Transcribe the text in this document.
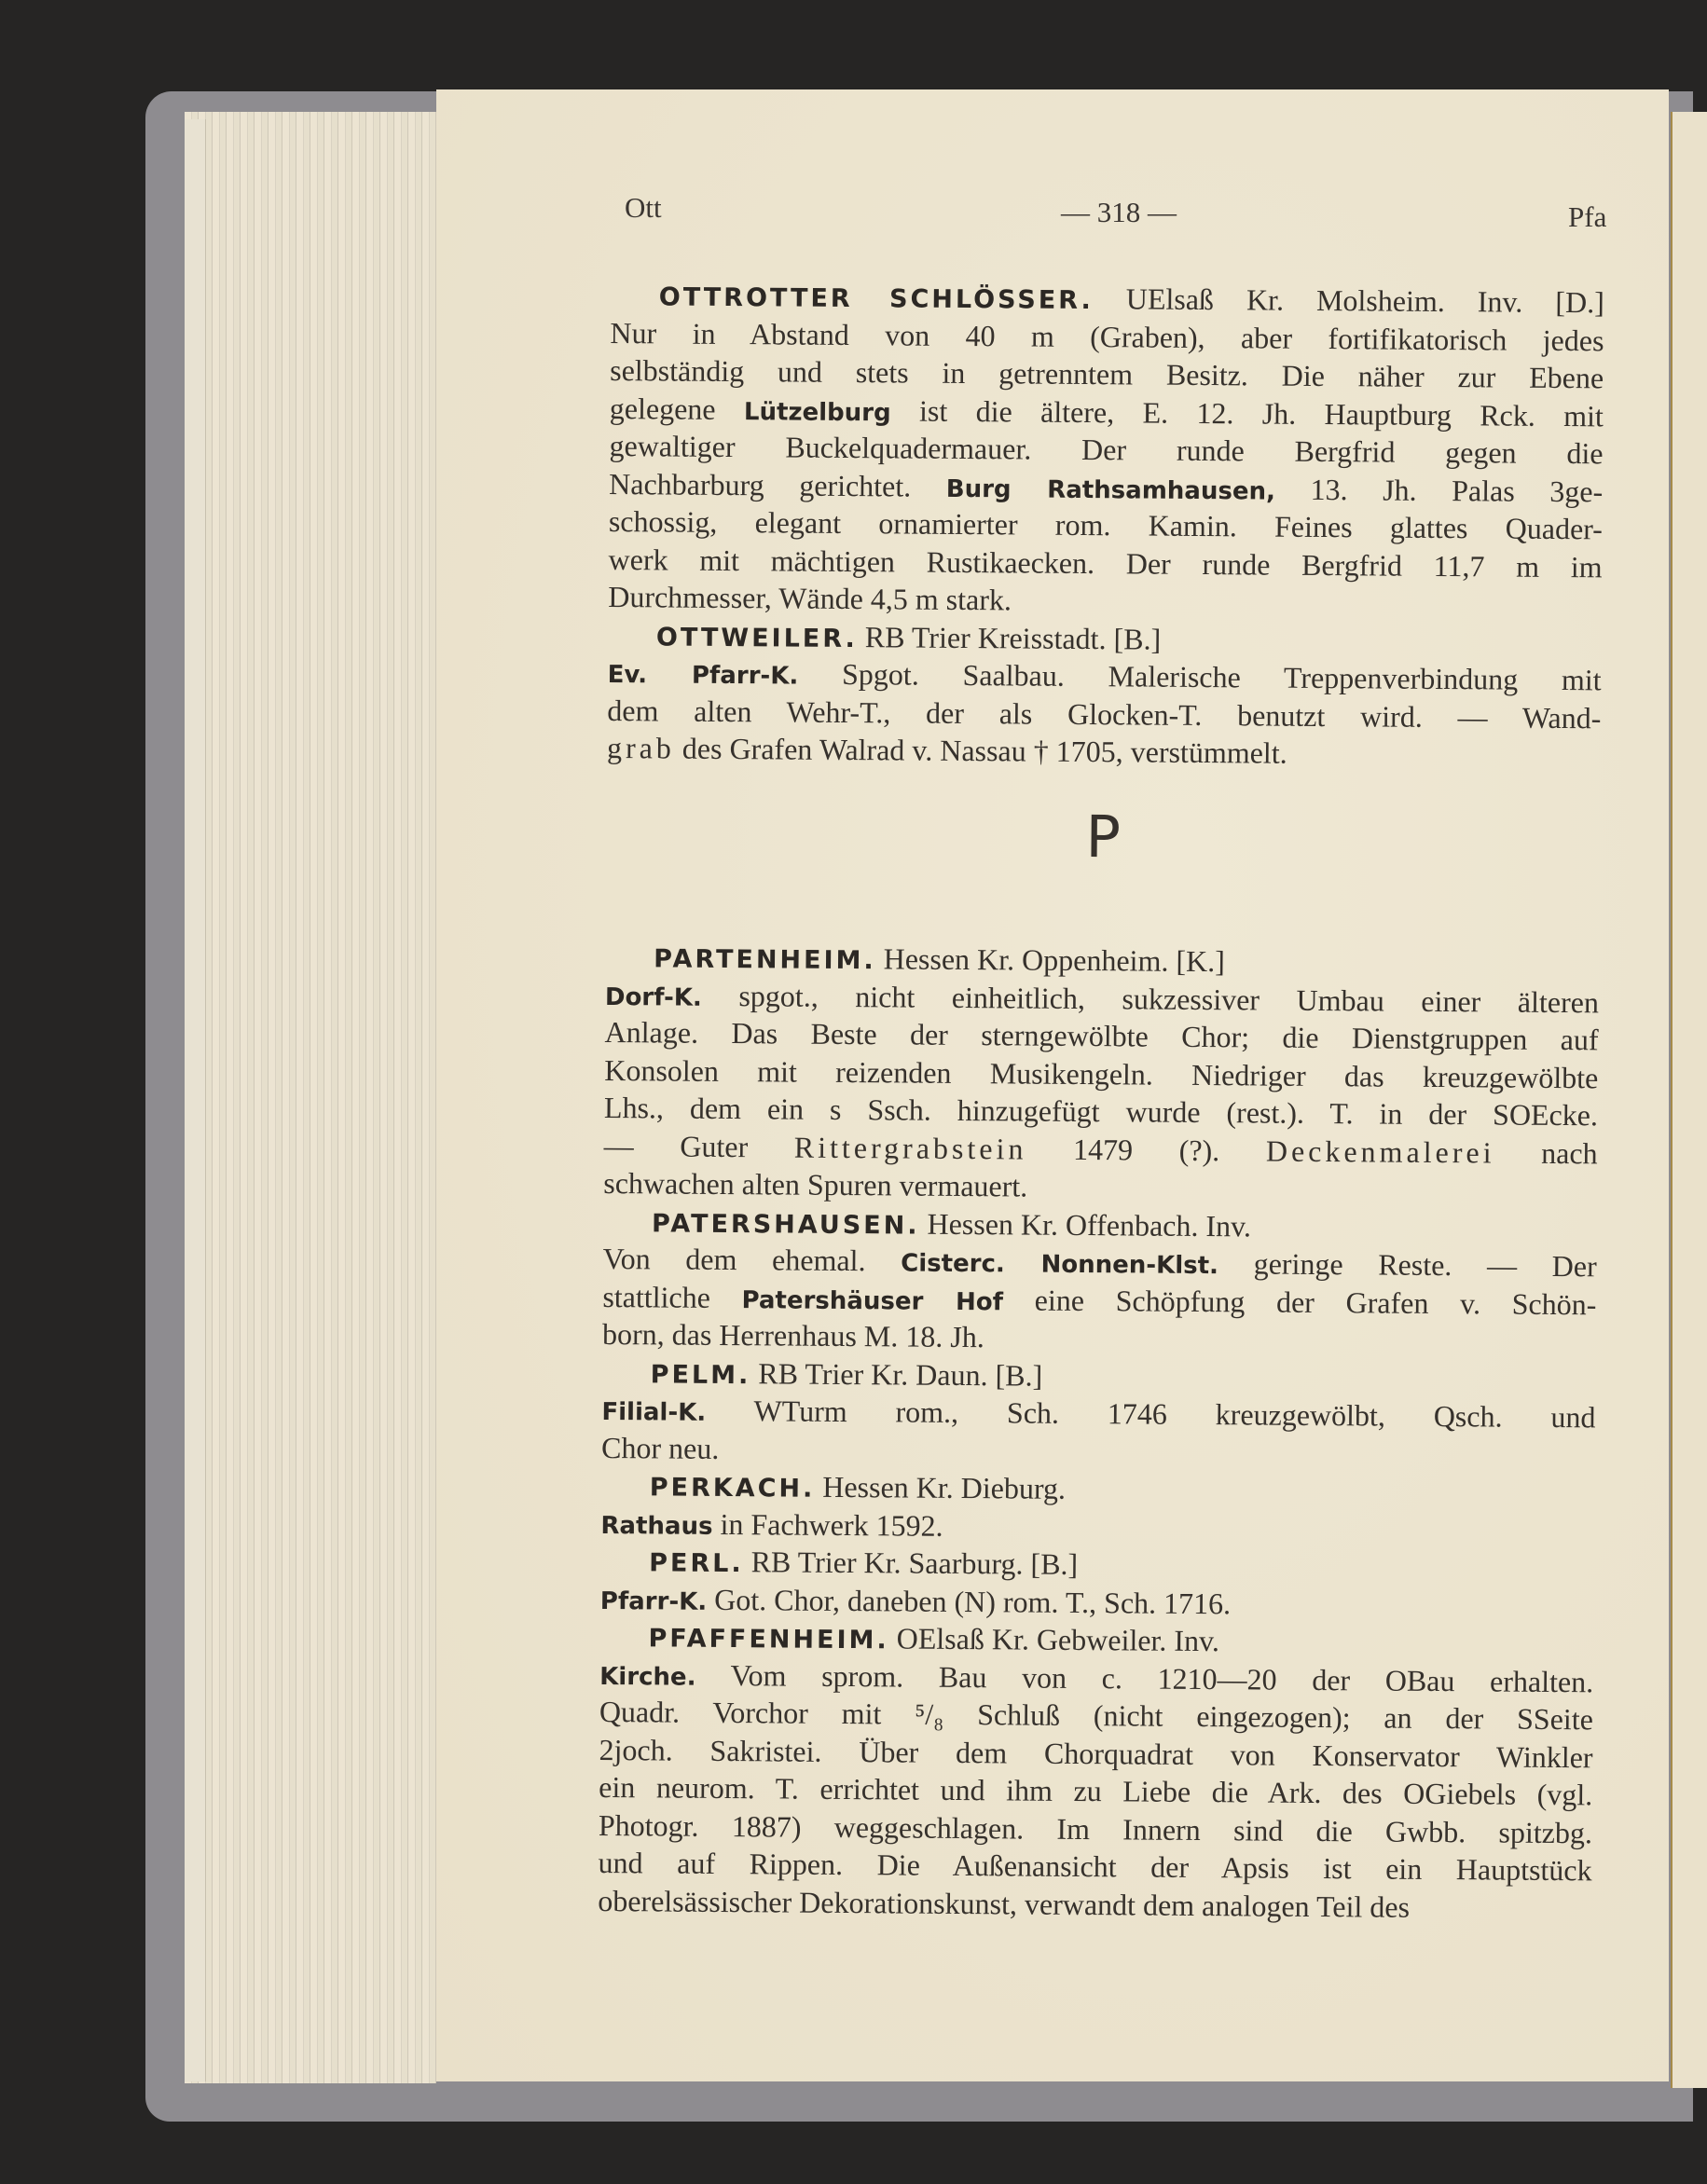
Ott	— 318 —	Pfa
OTTROTTER SCHLÖSSER. UElsaß Kr. Molsheim. Inv. [D.]
Nur in Abstand von 40 m (Graben), aber fortifikatorisch jedes
selbständig und stets in getrenntem Besitz. Die näher zur Ebene
gelegene Lützelburg ist die ältere, E. 12. Jh. Hauptburg Rck. mit
gewaltiger Buckelquadermauer. Der runde Bergfrid gegen die
Nachbarburg gerichtet. Burg Rathsamhausen, 13. Jh. Palas 3ge-
schossig, elegant ornamierter rom. Kamin. Feines glattes Quader-
werk mit mächtigen Rustikaecken. Der runde Bergfrid 11,7 m im
Durchmesser, Wände 4,5 m stark.
OTTWEILER. RB Trier Kreisstadt. [B.]
Ev. Pfarr-K. Spgot. Saalbau. Malerische Treppenverbindung mit
dem alten Wehr-T., der als Glocken-T. benutzt wird. — Wand-
grab des Grafen Walrad v. Nassau † 1705, verstümmelt.
P
PARTENHEIM. Hessen Kr. Oppenheim. [K.]
Dorf-K. spgot., nicht einheitlich, sukzessiver Umbau einer älteren
Anlage. Das Beste der sterngewölbte Chor; die Dienstgruppen auf
Konsolen mit reizenden Musikengeln. Niedriger das kreuzgewölbte
Lhs., dem ein s Ssch. hinzugefügt wurde (rest.). T. in der SOEcke.
— Guter Rittergrabstein 1479 (?). Deckenmalerei nach
schwachen alten Spuren vermauert.
PATERSHAUSEN. Hessen Kr. Offenbach. Inv.
Von dem ehemal. Cisterc. Nonnen-Klst. geringe Reste. — Der
stattliche Patershäuser Hof eine Schöpfung der Grafen v. Schön-
born, das Herrenhaus M. 18. Jh.
PELM. RB Trier Kr. Daun. [B.]
Filial-K. WTurm rom., Sch. 1746 kreuzgewölbt, Qsch. und
Chor neu.
PERKACH. Hessen Kr. Dieburg.
Rathaus in Fachwerk 1592.
PERL. RB Trier Kr. Saarburg. [B.]
Pfarr-K. Got. Chor, daneben (N) rom. T., Sch. 1716.
PFAFFENHEIM. OElsaß Kr. Gebweiler. Inv.
Kirche. Vom sprom. Bau von c. 1210—20 der OBau erhalten.
Quadr. Vorchor mit ⁵/₈ Schluß (nicht eingezogen); an der SSeite
2joch. Sakristei. Über dem Chorquadrat von Konservator Winkler
ein neurom. T. errichtet und ihm zu Liebe die Ark. des OGiebels (vgl.
Photogr. 1887) weggeschlagen. Im Innern sind die Gwbb. spitzbg.
und auf Rippen. Die Außenansicht der Apsis ist ein Hauptstück
oberelsässischer Dekorationskunst, verwandt dem analogen Teil des
